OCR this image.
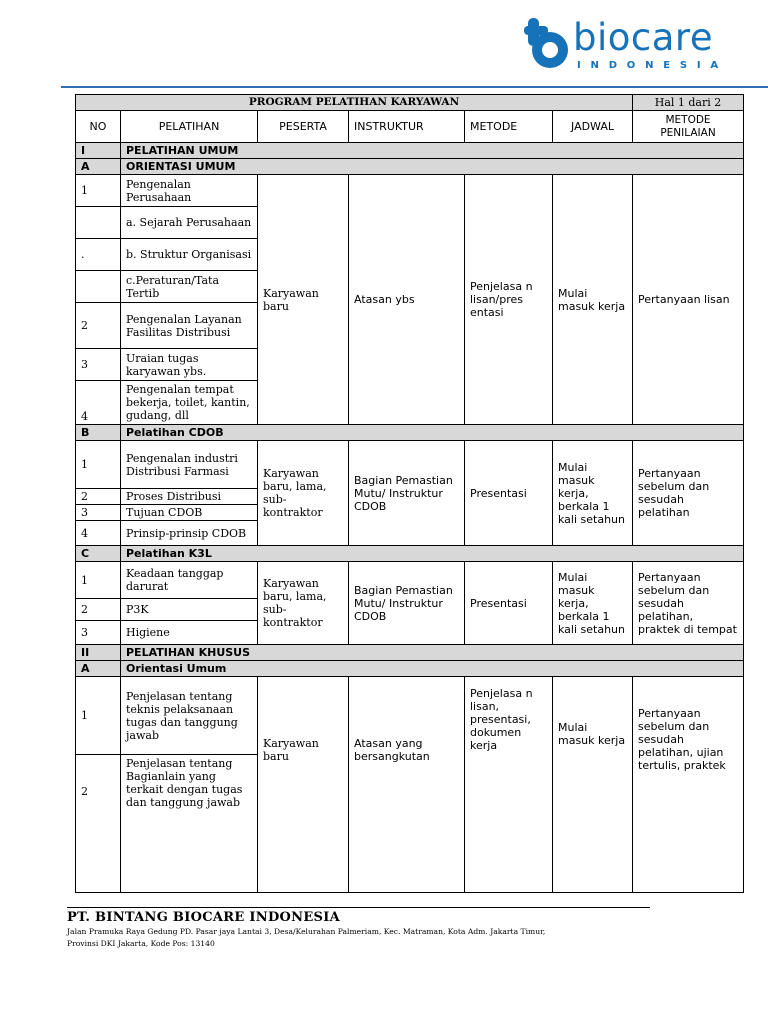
biocare
INDONESIA
PROGRAM PELATIHAN KARYAWAN						Hal 1 dari 2
NO	PELATIHAN	PESERTA	INSTRUKTUR	METODE	JADWAL	METODE PENILAIAN
I	PELATIHAN UMUM					
A	ORIENTASI UMUM					
1	Pengenalan Perusahaan	Karyawan baru	Atasan ybs	Penjelasa n lisan/pres entasi	Mulai masuk kerja	Pertanyaan lisan
	a. Sejarah Perusahaan					
.	b. Struktur Organisasi					
	c.Peraturan/Tata Tertib					
2	Pengenalan Layanan Fasilitas Distribusi					
3	Uraian tugas karyawan ybs.					
4	Pengenalan tempat bekerja, toilet, kantin, gudang, dll					
B	Pelatihan CDOB					
1	Pengenalan industri Distribusi Farmasi	Karyawan baru, lama, sub-kontraktor	Bagian Pemastian Mutu/ Instruktur CDOB	Presentasi	Mulai masuk kerja, berkala 1 kali setahun	Pertanyaan sebelum dan sesudah pelatihan
2	Proses Distribusi					
3	Tujuan CDOB					
4	Prinsip-prinsip CDOB					
C	Pelatihan K3L					
1	Keadaan tanggap darurat	Karyawan baru, lama, sub-kontraktor	Bagian Pemastian Mutu/ Instruktur CDOB	Presentasi	Mulai masuk kerja, berkala 1 kali setahun	Pertanyaan sebelum dan sesudah pelatihan, praktek di tempat
2	P3K					
3	Higiene					
II	PELATIHAN KHUSUS					
A	Orientasi Umum					
1	Penjelasan tentang teknis pelaksanaan tugas dan tanggung jawab	Karyawan baru	Atasan yang bersangkutan	Penjelasa n lisan, presentasi, dokumen kerja	Mulai masuk kerja	Pertanyaan sebelum dan sesudah pelatihan, ujian tertulis, praktek
2	Penjelasan tentang Bagianlain yang terkait dengan tugas dan tanggung jawab					
PT. BINTANG BIOCARE INDONESIA
Jalan Pramuka Raya Gedung PD. Pasar jaya Lantai 3, Desa/Kelurahan Palmeriam, Kec. Matraman, Kota Adm. Jakarta Timur,
Provinsi DKI Jakarta, Kode Pos: 13140
